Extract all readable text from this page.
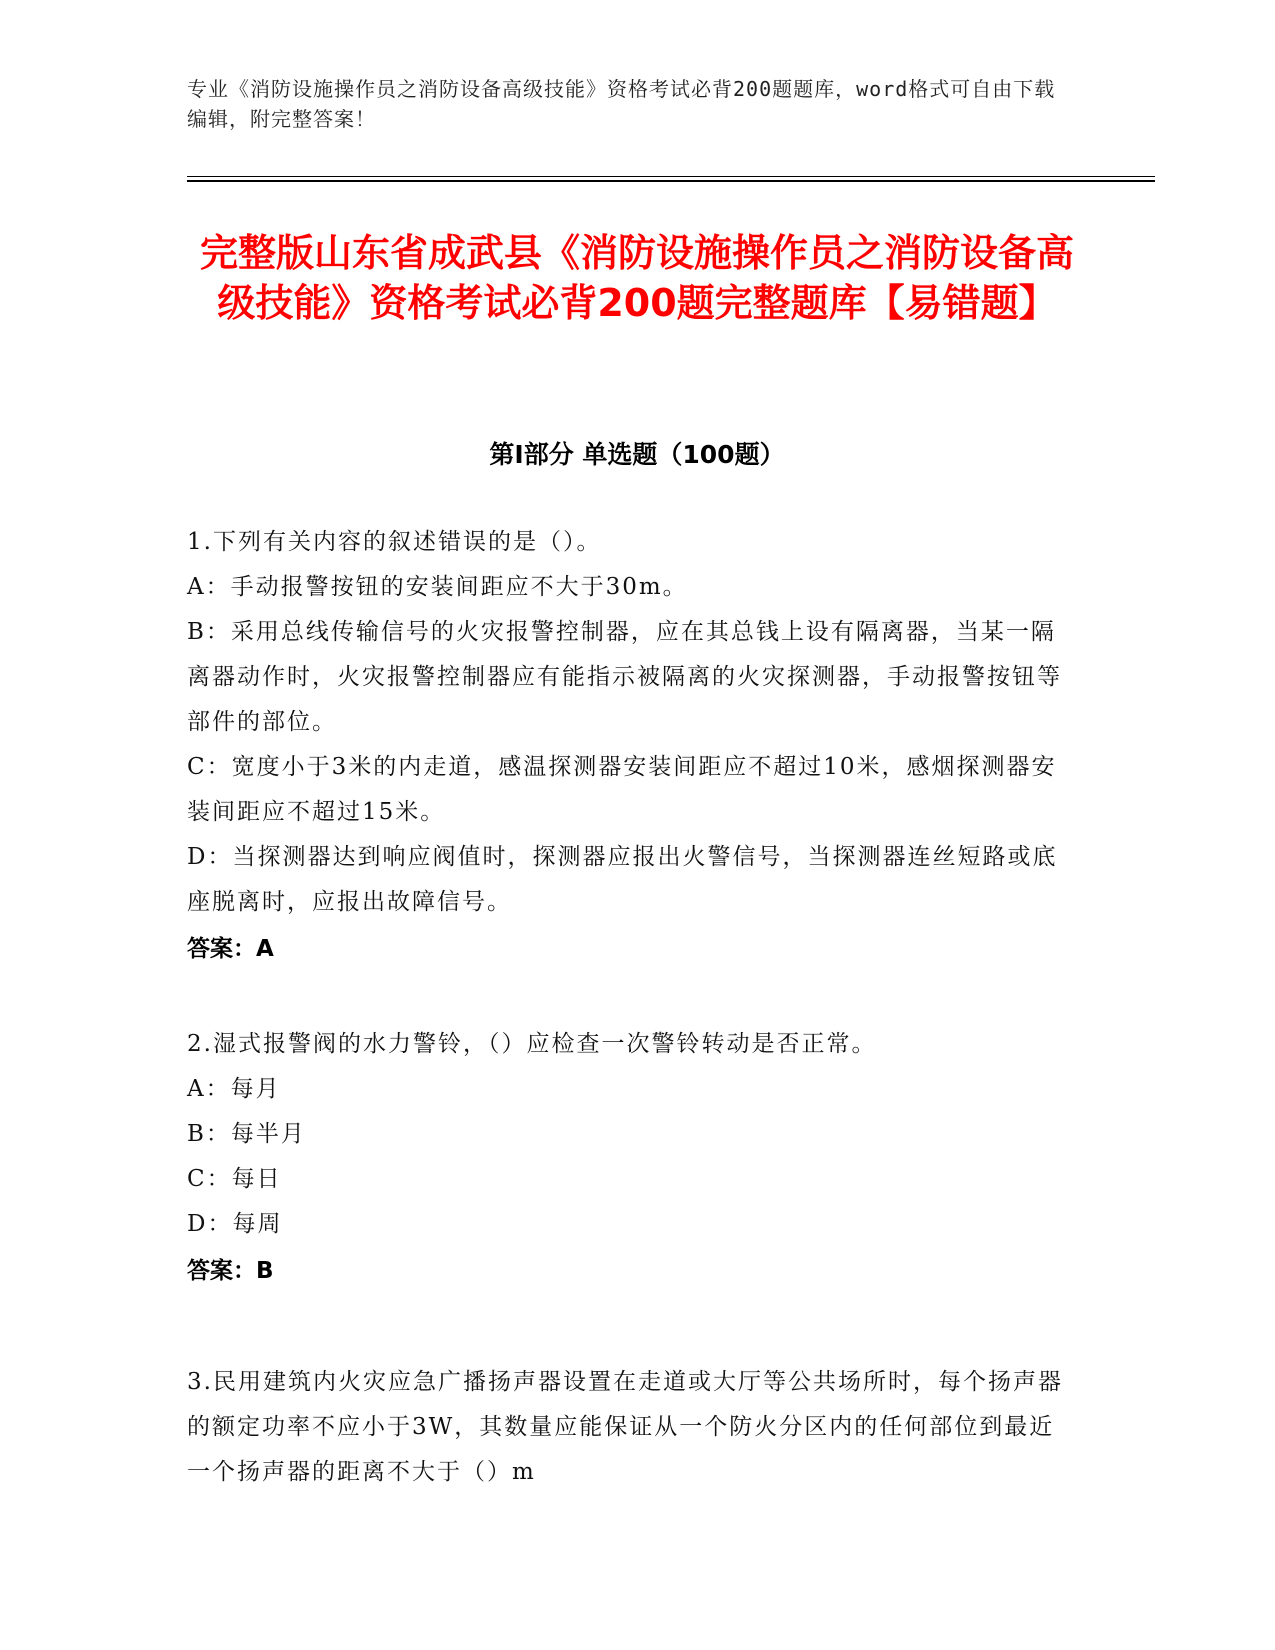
专业《消防设施操作员之消防设备高级技能》资格考试必背200题题库，word格式可自由下载编辑，附完整答案！
完整版山东省成武县《消防设施操作员之消防设备高级技能》资格考试必背200题完整题库【易错题】
第Ⅰ部分 单选题（100题）
1.下列有关内容的叙述错误的是（）。
A：手动报警按钮的安装间距应不大于30m。
B：采用总线传输信号的火灾报警控制器，应在其总钱上设有隔离器，当某一隔离器动作时，火灾报警控制器应有能指示被隔离的火灾探测器，手动报警按钮等部件的部位。
C：宽度小于3米的内走道，感温探测器安装间距应不超过10米，感烟探测器安装间距应不超过15米。
D：当探测器达到响应阀值时，探测器应报出火警信号，当探测器连丝短路或底座脱离时，应报出故障信号。
答案：A
2.湿式报警阀的水力警铃，（）应检查一次警铃转动是否正常。
A：每月
B：每半月
C：每日
D：每周
答案：B
3.民用建筑内火灾应急广播扬声器设置在走道或大厅等公共场所时，每个扬声器的额定功率不应小于3W，其数量应能保证从一个防火分区内的任何部位到最近一个扬声器的距离不大于（）m
